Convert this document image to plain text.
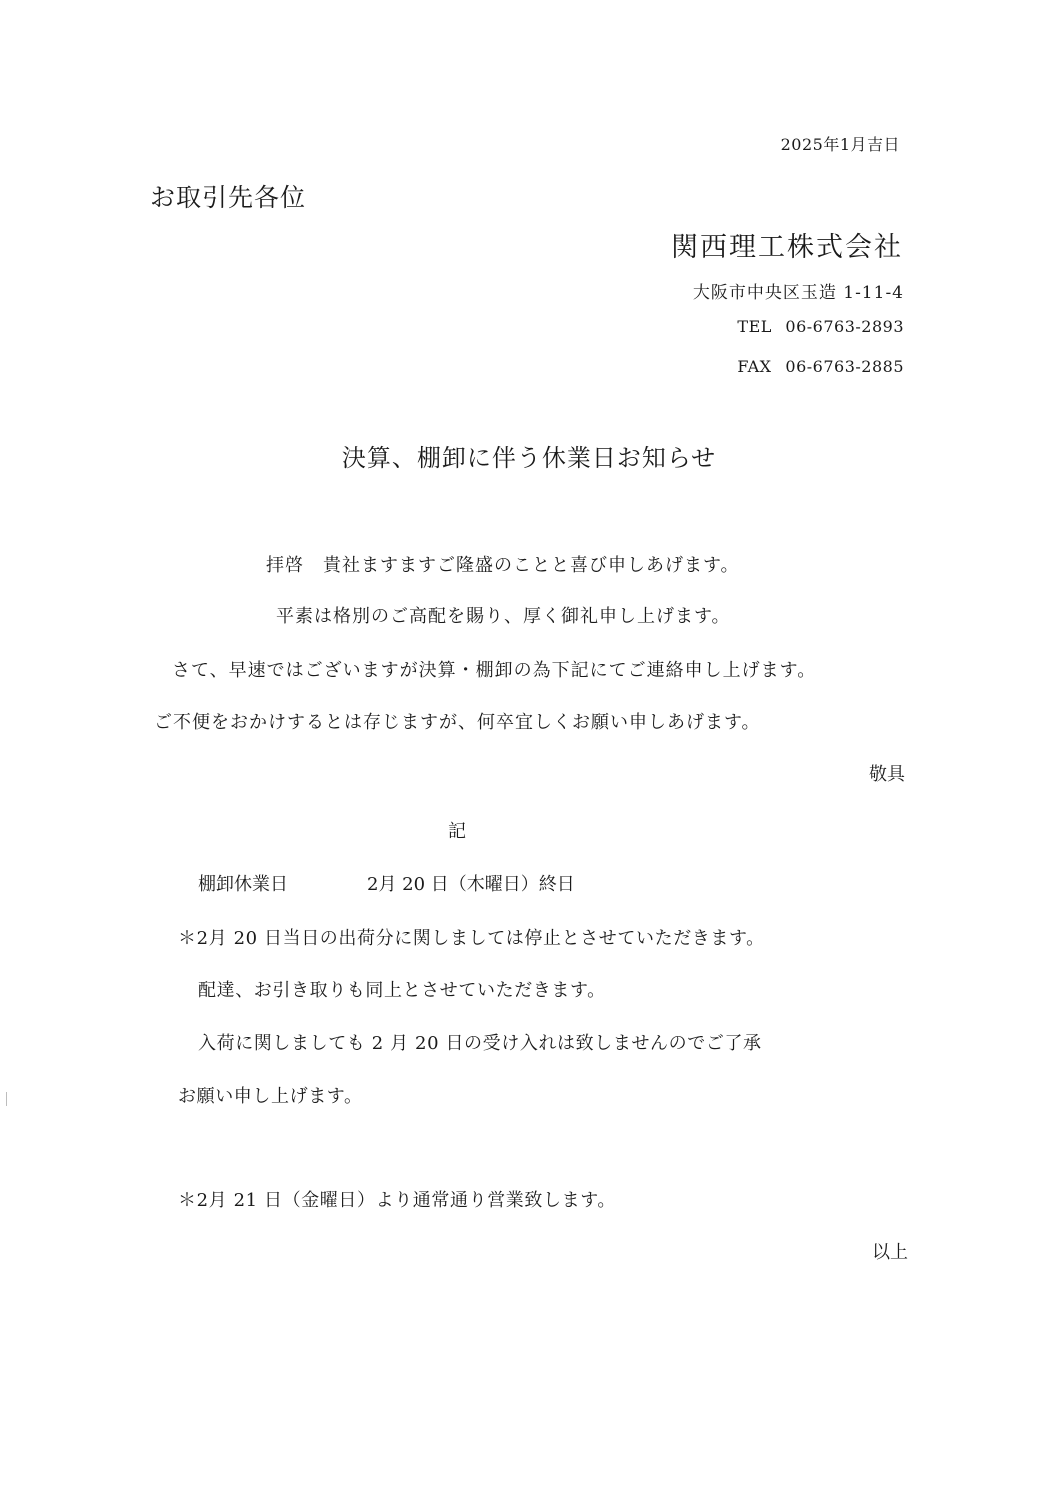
2025年1月吉日
お取引先各位
関西理工株式会社
大阪市中央区玉造 1-11-4
TEL 06-6763-2893
FAX 06-6763-2885
決算、棚卸に伴う休業日お知らせ
拝啓　貴社ますますご隆盛のことと喜び申しあげます。
平素は格別のご高配を賜り、厚く御礼申し上げます。
さて、早速ではございますが決算・棚卸の為下記にてご連絡申し上げます。
ご不便をおかけするとは存じますが、何卒宜しくお願い申しあげます。
敬具
記
棚卸休業日	2月 20 日（木曜日）終日
＊2月 20 日当日の出荷分に関しましては停止とさせていただきます。
配達、お引き取りも同上とさせていただきます。
入荷に関しましても 2 月 20 日の受け入れは致しませんのでご了承
お願い申し上げます。
＊2月 21 日（金曜日）より通常通り営業致します。
以上
